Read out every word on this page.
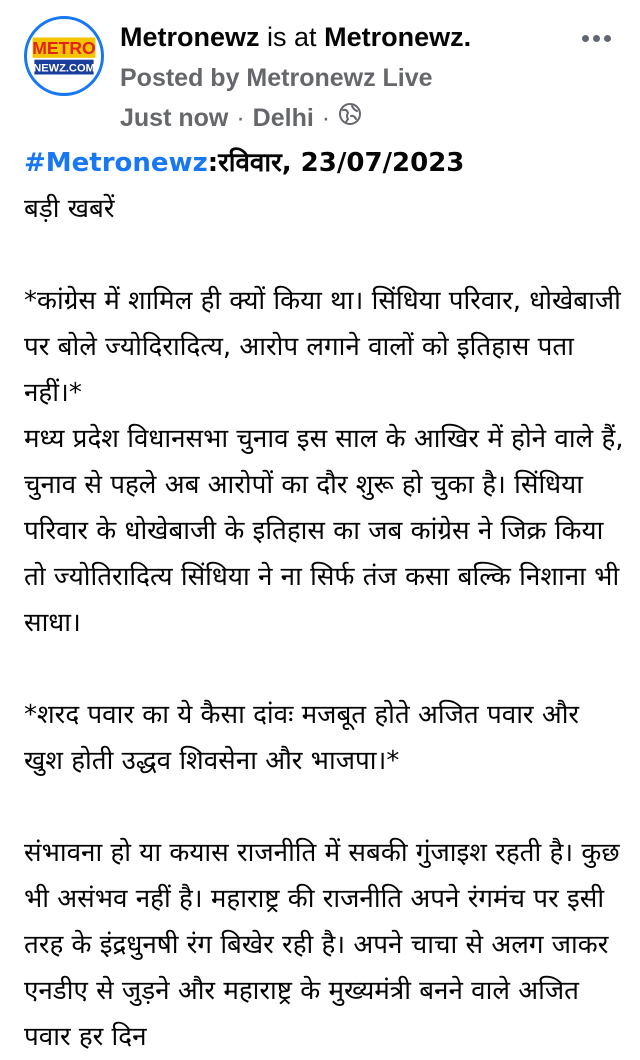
METRO
NEWZ.COM
Metronewz is at Metronewz.
Posted by Metronewz Live
Just now · Delhi ·

#Metronewz:रविवार, 23/07/2023

बड़ी खबरें

*कांग्रेस में शामिल ही क्यों किया था। सिंधिया परिवार, धोखेबाजी पर बोले ज्योदिरादित्य, आरोप लगाने वालों को इतिहास पता नहीं।*

मध्य प्रदेश विधानसभा चुनाव इस साल के आखिर में होने वाले हैं, चुनाव से पहले अब आरोपों का दौर शुरू हो चुका है। सिंधिया परिवार के धोखेबाजी के इतिहास का जब कांग्रेस ने जिक्र किया तो ज्योतिरादित्य सिंधिया ने ना सिर्फ तंज कसा बल्कि निशाना भी साधा।

*शरद पवार का ये कैसा दांवः मजबूत होते अजित पवार और खुश होती उद्धव शिवसेना और भाजपा।*

संभावना हो या कयास राजनीति में सबकी गुंजाइश रहती है। कुछ भी असंभव नहीं है। महाराष्ट्र की राजनीति अपने रंगमंच पर इसी तरह के इंद्रधुनषी रंग बिखेर रही है। अपने चाचा से अलग जाकर एनडीए से जुड़ने और महाराष्ट्र के मुख्यमंत्री बनने वाले अजित पवार हर दिन
